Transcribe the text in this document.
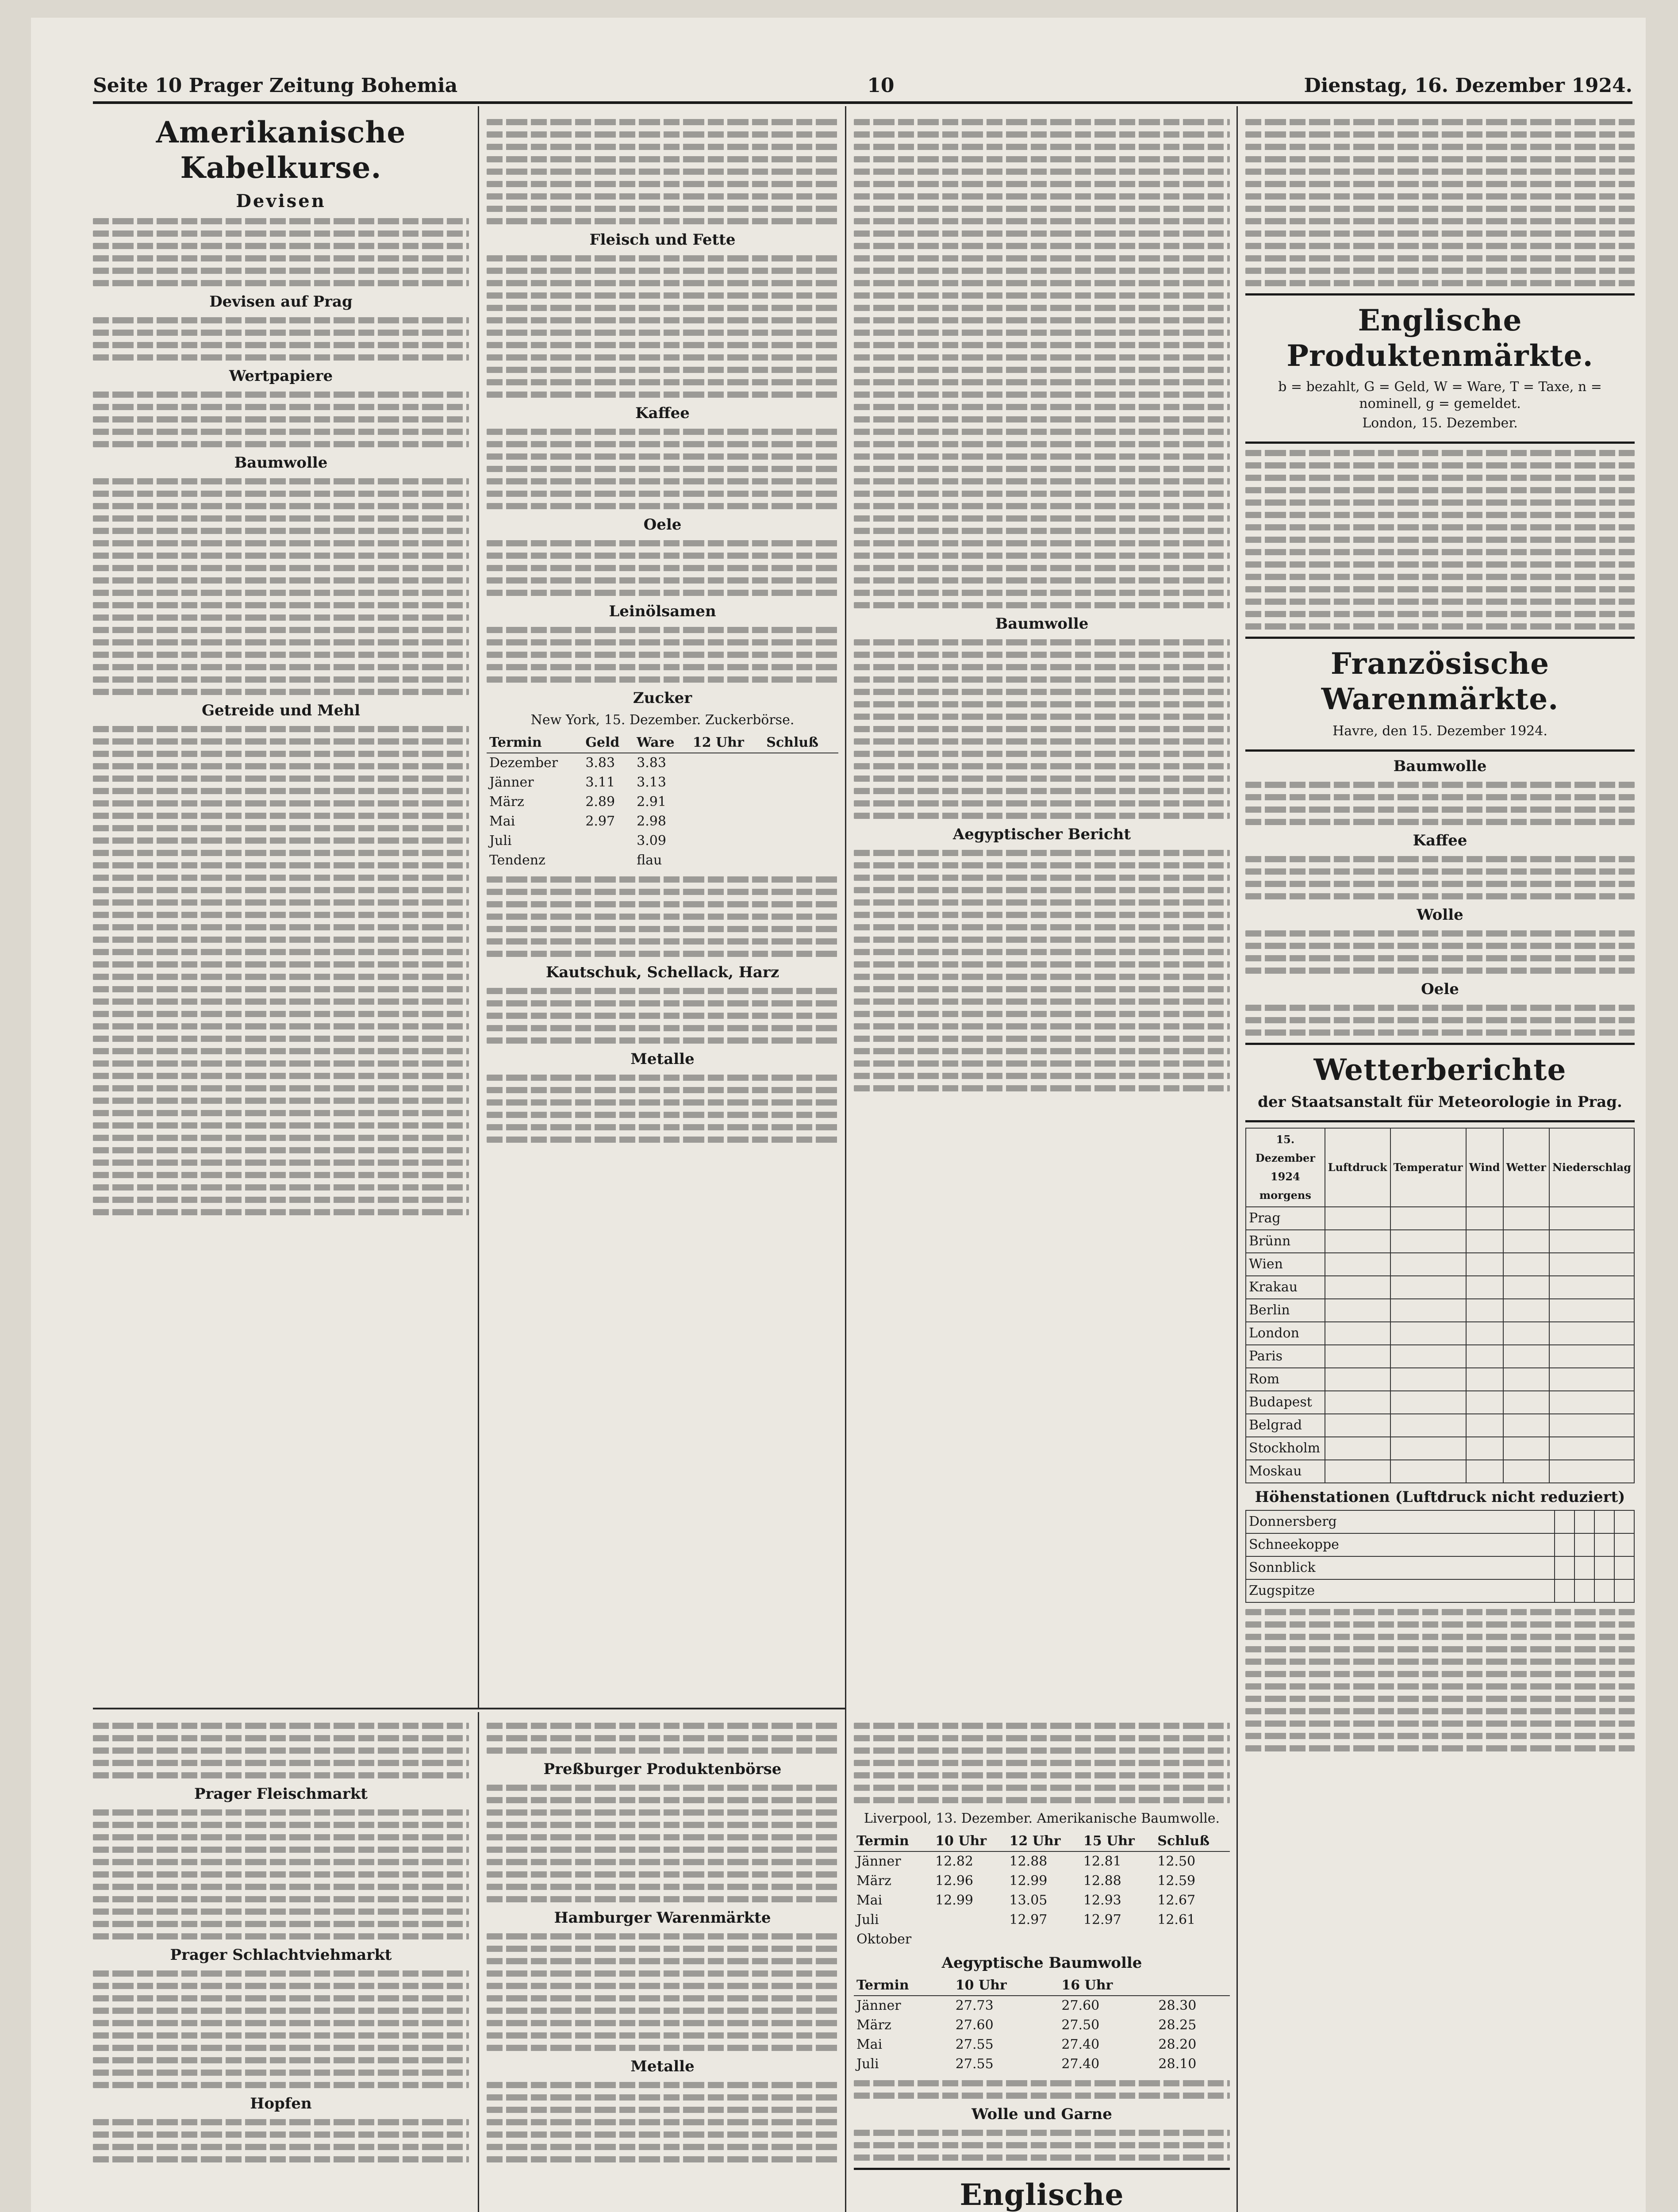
Seite 10 Prager Zeitung Bohemia	10	Dienstag, 16. Dezember 1924.
Amerikanische Kabelkurse.
Devisen
Devisen auf Prag
Wertpapiere
Baumwolle
Getreide und Mehl
Fleisch und Fette
Kaffee
Oele
Leinölsamen
Zucker
New York, 15. Dezember. Zuckerbörse.
Termin	Geld	Ware	12 Uhr	Schluß
Dezember	3.83	3.83		
Jänner	3.11	3.13		
März	2.89	2.91		
Mai	2.97	2.98		
Juli		3.09		
Tendenz		flau		
Kautschuk, Schellack, Harz
Metalle
Baumwolle
Aegyptischer Bericht
Englische Produktenmärkte.
b = bezahlt, G = Geld, W = Ware, T = Taxe, n = nominell, g = gemeldet.
London, 15. Dezember.
Französische Warenmärkte.
Havre, den 15. Dezember 1924.
Baumwolle
Kaffee
Wolle
Oele
Wetterberichte
der Staatsanstalt für Meteorologie in Prag.
15. Dezember 1924 morgens	Luftdruck	Temperatur	Wind	Wetter	Niederschlag
Prag					
Brünn					
Wien					
Krakau					
Berlin					
London					
Paris					
Rom					
Budapest					
Belgrad					
Stockholm					
Moskau					
Höhenstationen (Luftdruck nicht reduziert)
Donnersberg				
Schneekoppe				
Sonnblick				
Zugspitze				
Prager Fleischmarkt
Prager Schlachtviehmarkt
Hopfen
Preßburger Produktenbörse
Hamburger Warenmärkte
Metalle
Liverpool, 13. Dezember. Amerikanische Baumwolle.
Termin	10 Uhr	12 Uhr	15 Uhr	Schluß
Jänner	12.82	12.88	12.81	12.50
März	12.96	12.99	12.88	12.59
Mai	12.99	13.05	12.93	12.67
Juli		12.97	12.97	12.61
Oktober				
Aegyptische Baumwolle
Termin	10 Uhr		16 Uhr	
Jänner	27.73		27.60	28.30
März	27.60		27.50	28.25
Mai	27.55		27.40	28.20
Juli	27.55		27.40	28.10
Wolle und Garne
Englische
